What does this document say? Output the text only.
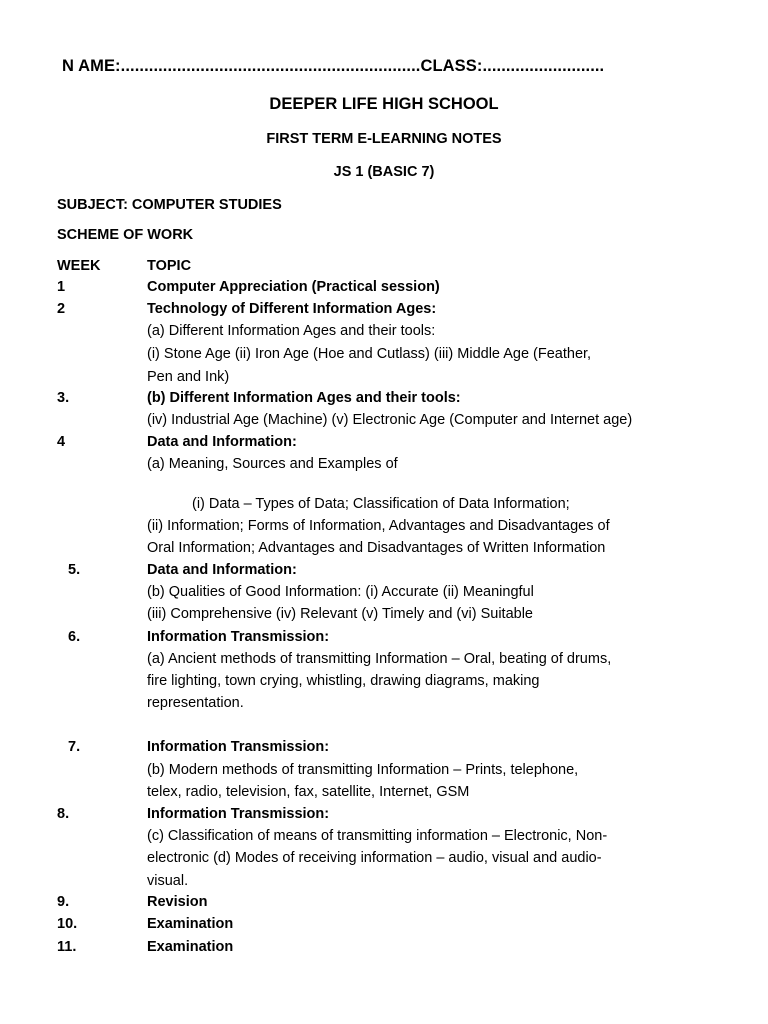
N AME:................................................................CLASS:..........................
DEEPER LIFE HIGH SCHOOL
FIRST TERM E-LEARNING NOTES
JS 1 (BASIC 7)
SUBJECT: COMPUTER STUDIES
SCHEME OF WORK
WEEK	TOPIC
1	Computer Appreciation (Practical session)
2	Technology of Different Information Ages:
(a) Different Information Ages and their tools:
(i) Stone Age (ii) Iron Age (Hoe and Cutlass) (iii) Middle Age (Feather,
Pen and Ink)
3.	(b) Different Information Ages and their tools:
(iv) Industrial Age (Machine) (v) Electronic Age (Computer and Internet age)
4	Data and Information:
(a) Meaning, Sources and Examples of
(i) Data – Types of Data; Classification of Data Information;
(ii) Information; Forms of Information, Advantages and Disadvantages of
Oral Information; Advantages and Disadvantages of Written Information
5.	Data and Information:
(b) Qualities of Good Information: (i) Accurate (ii) Meaningful
(iii) Comprehensive (iv) Relevant (v) Timely and (vi) Suitable
6.	Information Transmission:
(a) Ancient methods of transmitting Information – Oral, beating of drums,
fire lighting, town crying, whistling, drawing diagrams, making
representation.
7.	Information Transmission:
(b) Modern methods of transmitting Information – Prints, telephone,
telex, radio, television, fax, satellite, Internet, GSM
8.	Information Transmission:
(c) Classification of means of transmitting information – Electronic, Non-
electronic (d) Modes of receiving information – audio, visual and audio-
visual.
9.	Revision
10.	Examination
11.	Examination
